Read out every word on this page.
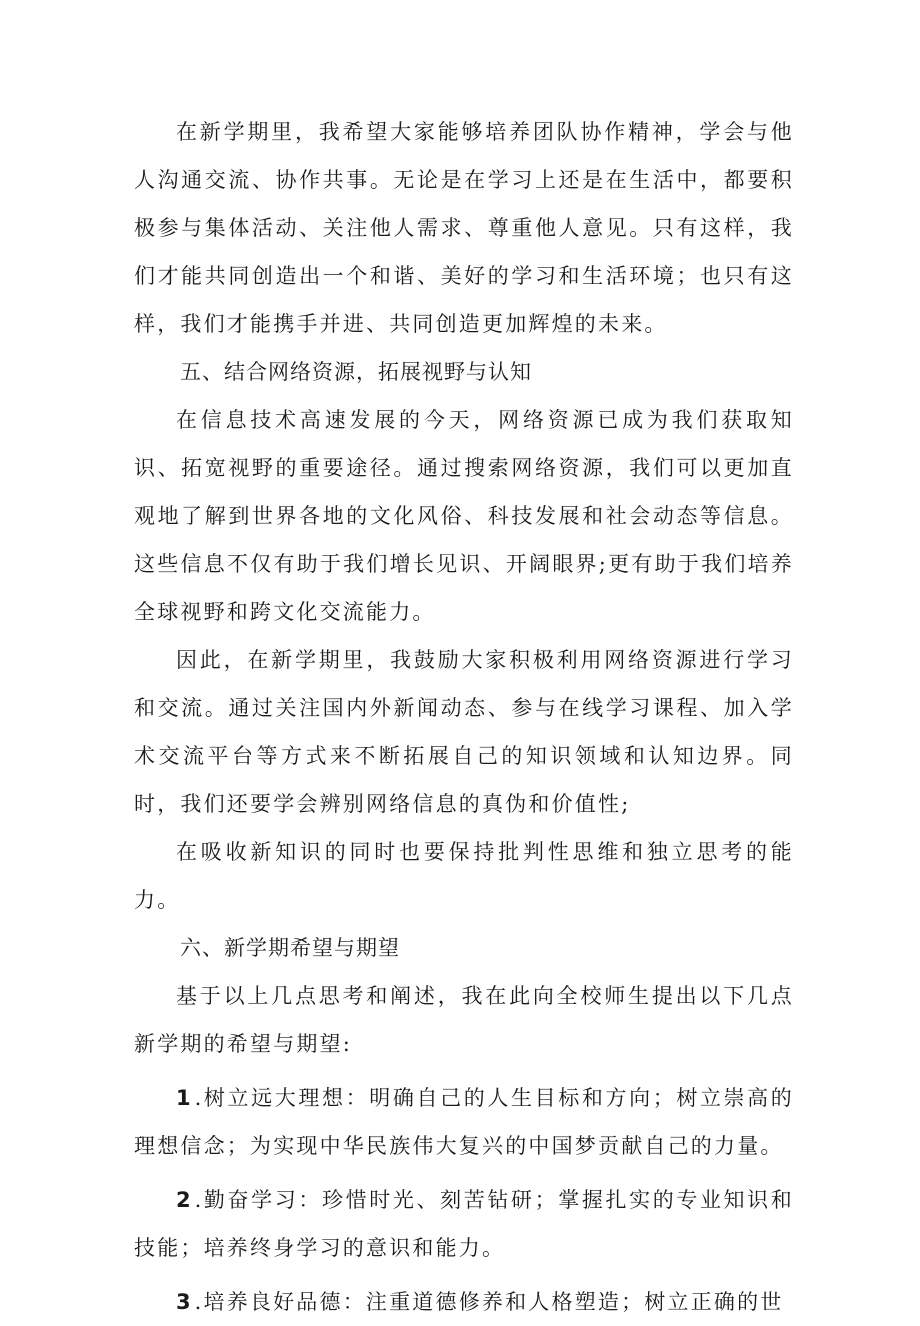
在新学期里，我希望大家能够培养团队协作精神，学会与他人沟通交流、协作共事。无论是在学习上还是在生活中，都要积极参与集体活动、关注他人需求、尊重他人意见。只有这样，我们才能共同创造出一个和谐、美好的学习和生活环境；也只有这样，我们才能携手并进、共同创造更加辉煌的未来。

五、结合网络资源，拓展视野与认知

在信息技术高速发展的今天，网络资源已成为我们获取知识、拓宽视野的重要途径。通过搜索网络资源，我们可以更加直观地了解到世界各地的文化风俗、科技发展和社会动态等信息。这些信息不仅有助于我们增长见识、开阔眼界;更有助于我们培养全球视野和跨文化交流能力。

因此，在新学期里，我鼓励大家积极利用网络资源进行学习和交流。通过关注国内外新闻动态、参与在线学习课程、加入学术交流平台等方式来不断拓展自己的知识领域和认知边界。同时，我们还要学会辨别网络信息的真伪和价值性;

在吸收新知识的同时也要保持批判性思维和独立思考的能力。

六、新学期希望与期望

基于以上几点思考和阐述，我在此向全校师生提出以下几点新学期的希望与期望:

1 .树立远大理想：明确自己的人生目标和方向；树立崇高的理想信念；为实现中华民族伟大复兴的中国梦贡献自己的力量。

2 .勤奋学习：珍惜时光、刻苦钻研；掌握扎实的专业知识和技能；培养终身学习的意识和能力。

3 .培养良好品德：注重道德修养和人格塑造；树立正确的世
